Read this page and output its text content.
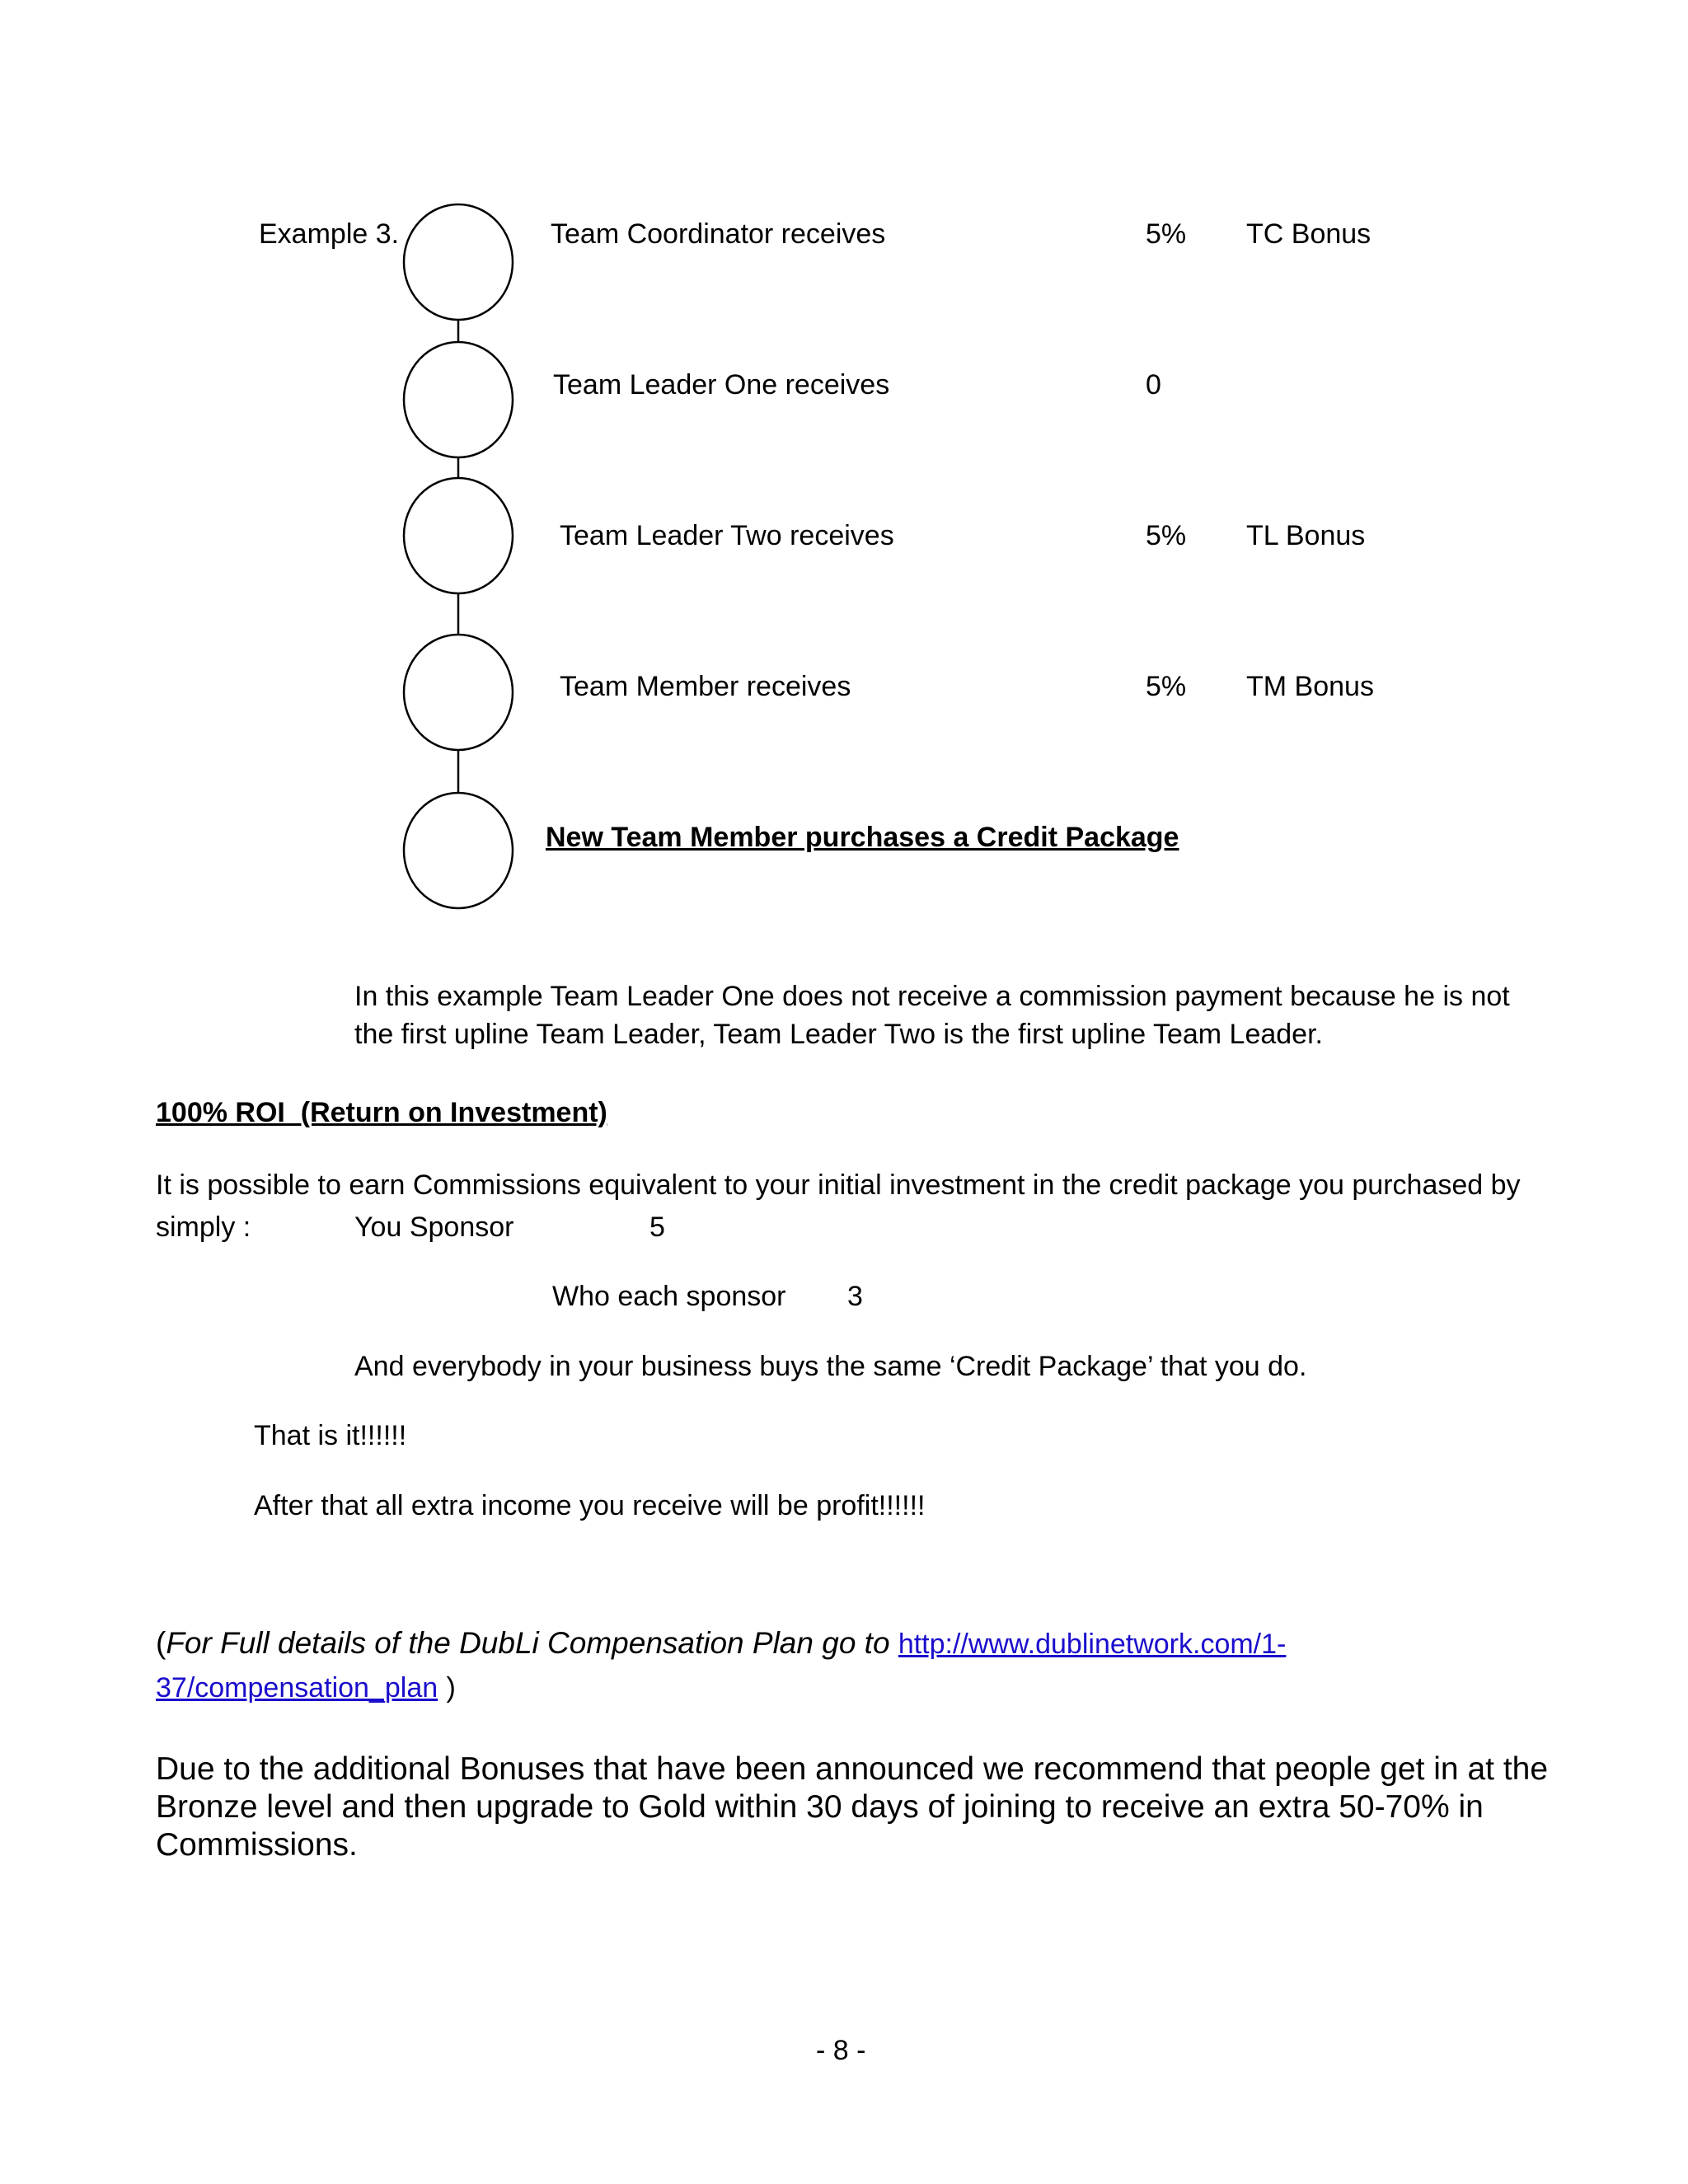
Example 3.	Team Coordinator receives	5% TC Bonus
Team Leader One receives	0
Team Leader Two receives	5% TL Bonus
Team Member receives	5% TM Bonus
New Team Member purchases a Credit Package
In this example Team Leader One does not receive a commission payment because he is not the first upline Team Leader, Team Leader Two is the first upline Team Leader.
100% ROI  (Return on Investment)
It is possible to earn Commissions equivalent to your initial investment in the credit package you purchased by
simply :	You Sponsor	5
Who each sponsor 3
And everybody in your business buys the same ‘Credit Package’ that you do.
That is it!!!!!!
After that all extra income you receive will be profit!!!!!!
(For Full details of the DubLi Compensation Plan go to http://www.dublinetwork.com/1-37/compensation_plan )
Due to the additional Bonuses that have been announced we recommend that people get in at the Bronze level and then upgrade to Gold within 30 days of joining to receive an extra 50-70% in Commissions.
- 8 -
